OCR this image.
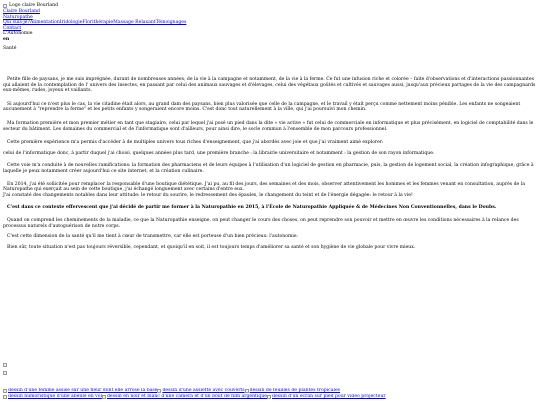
Logo claire Bourland
Claire Bourland
Naturopathe
Qui suis-je?AlimentationIridologieFlorithérapieMassage RelaxantTémoignages
Contact
L'Autonomie
en
Santé

Petite fille de paysans, je me suis imprégnée, durant de nombreuses années, de la vie à la campagne et notamment, de la vie à la ferme. Ce fut une infusion riche et colorée – faite d'observations et d'interactions passionnantes qui allaient de la contemplation de l' univers des insectes, en passant par celui des animaux sauvages et d'élevages, celui des végétaux goûtés et cultivés et sauvages aussi, jusqu'aux précieux partages de la vie des campagnards eux-mêmes, rudes, joyeux et vaillants.

Si aujourd'hui ce n'est plus le cas, la vie citadine était alors, au grand dam des paysans, bien plus valorisée que celle de la campagne, et le travail y était perçu comme nettement moins pénible. Les enfants ne songeaient aucunement à "reprendre la ferme" et les petits enfants y songeraient encore moins. C'est donc tout naturellement à la ville, qui j'ai poursuivi mon chemin.

Ma formation première et mon premier métier en tant que stagiaire, celui par lequel j'ai posé un pied dans la dite « vie active » fut celui de commerciale en informatique et plus précisément, en logiciel de comptabilité dans le secteur du bâtiment. Les domaines du commercial et de l'informatique sont d'ailleurs, pour ainsi dire, le socle commun à l'ensemble de mon parcours professionnel.

Cette première expérience m'a permis d'accéder à de multiples univers tous riches d'enseignement, que j'ai abordés avec joie et que j'ai vraiment aimé explorer:

celui de l'informatique donc, à partir duquel j'ai choisi, quelques années plus tard, une première branche : la librairie universitaire et notamment : la gestion de son rayon informatique.

Cette voie m'a conduite à de nouvelles ramifications: la formation des pharmaciens et de leurs équipes à l'utilisation d'un logiciel de gestion en pharmacie, puis, la gestion de logement social, la création infographique, grâce à laquelle je peux notamment créer aujourd'hui ce site internet, et la création culinaire.

En 2014, j'ai été sollicitée pour remplacer la responsable d'une boutique diététique. J'ai pu, au fil des jours, des semaines et des mois, observer attentivement les hommes et les femmes venant en consultation, auprès de la Naturopathe qui exerçait au sein de cette boutique, j'ai échangé longuement avec certains d'entre eux.

J'ai constaté des changements notables dans leur attitude: le retour du sourire, le redressement des épaules, le changement du teint et de l'énergie dégagée: le retour à la vie!

C'est dans ce contexte effervescent que j'ai décidé de partir me former à la Naturopathie en 2015, à l'École de Naturopathie Appliquée & de Médecines Non Conventionnelles, dans le Doubs.

Quand on comprend les cheminements de la maladie, ce que la Naturopathie enseigne, on peut changer le cours des choses, on peut reprendre son pouvoir et mettre en œuvre les conditions nécessaires à la relance des processus naturels d'autoguérison de notre corps.

C'est cette dimension de la santé qu'il me tient à cœur de transmettre, car elle est porteuse d'un bien précieux: l'autonomie.

Bien sûr, toute situation n'est pas toujours réversible, cependant, et quoiqu'il en soit, il est toujours temps d'améliorer sa santé et son hygiène de vie globale pour vivre mieux.

dessin d'une femme assise sur une fleur dont elle arrose la base dessin d'une assiette avec couverts dessin de feuilles de plantes tropicales
dessin humoristique d'une abeille en vol dessin en noir et blanc d'une caméra et d'un bout de film argentique dessin d'un écran sur pied pour vidéo projecteur
